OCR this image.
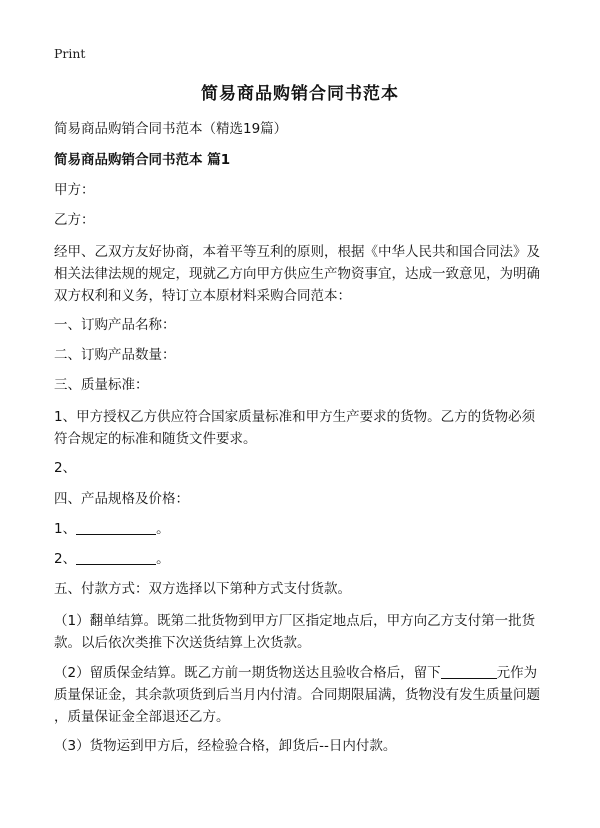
Print
简易商品购销合同书范本
简易商品购销合同书范本（精选19篇）
简易商品购销合同书范本 篇1
甲方：
乙方：
经甲、乙双方友好协商，本着平等互利的原则，根据《中华人民共和国合同法》及
相关法律法规的规定，现就乙方向甲方供应生产物资事宜，达成一致意见，为明确
双方权利和义务，特订立本原材料采购合同范本：
一、订购产品名称：
二、订购产品数量：
三、质量标准：
1、甲方授权乙方供应符合国家质量标准和甲方生产要求的货物。乙方的货物必须
符合规定的标准和随货文件要求。
2、
四、产品规格及价格：
1、	。
2、	。
五、付款方式：双方选择以下第种方式支付货款。
（1）翻单结算。既第二批货物到甲方厂区指定地点后，甲方向乙方支付第一批货
款。以后依次类推下次送货结算上次货款。
（2）留质保金结算。既乙方前一期货物送达且验收合格后，留下	元作为
质量保证金，其余款项货到后当月内付清。合同期限届满，货物没有发生质量问题
，质量保证金全部退还乙方。
（3）货物运到甲方后，经检验合格，卸货后--日内付款。
